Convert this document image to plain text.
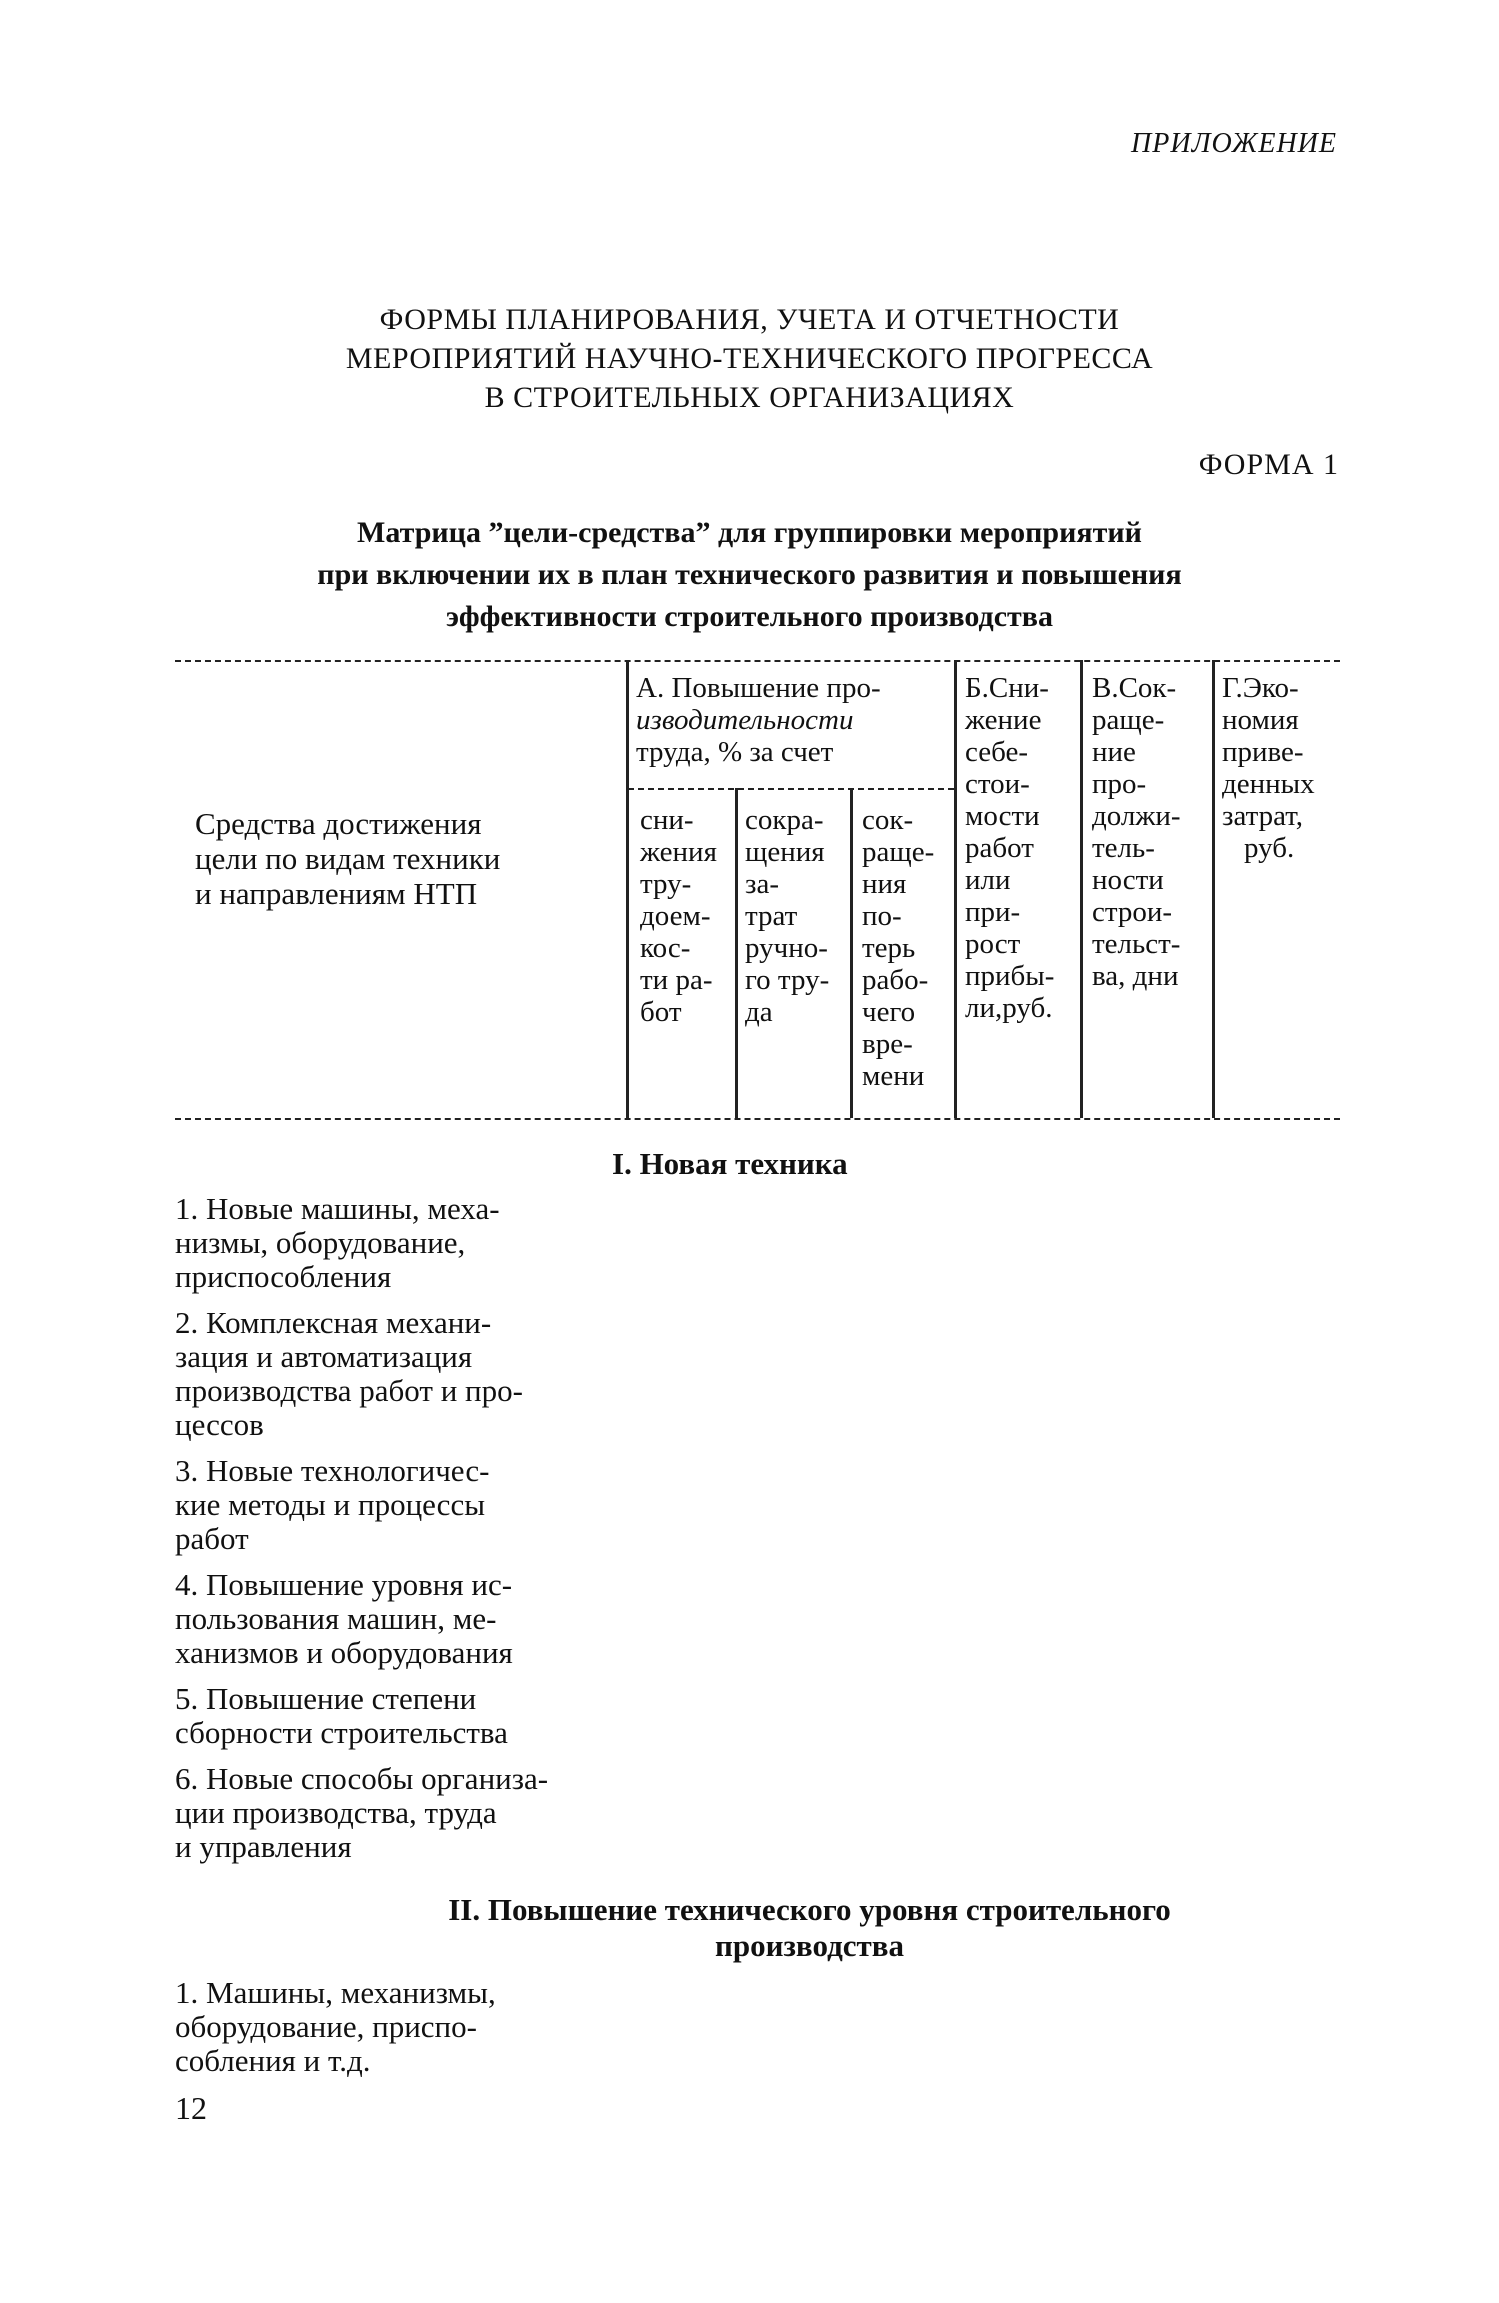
ПРИЛОЖЕНИЕ
ФОРМЫ ПЛАНИРОВАНИЯ, УЧЕТА И ОТЧЕТНОСТИ
МЕРОПРИЯТИЙ НАУЧНО-ТЕХНИЧЕСКОГО ПРОГРЕССА
В СТРОИТЕЛЬНЫХ ОРГАНИЗАЦИЯХ
ФОРМА 1
Матрица ”цели-средства” для группировки мероприятий
при включении их в план технического развития и повышения
эффективности строительного производства
Средства достижения
цели по видам техники
и направлениям НТП
А. Повышение про-
изводительности
труда, % за счет
сни-
жения
тру-
доем-
кос-
ти ра-
бот
сокра-
щения
за-
трат
ручно-
го тру-
да
сок-
раще-
ния
по-
терь
рабо-
чего
вре-
мени
Б.Сни-
жение
себе-
стои-
мости
работ
или
при-
рост
прибы-
ли,руб.
В.Сок-
раще-
ние
про-
должи-
тель-
ности
строи-
тельст-
ва, дни
Г.Эко-
номия
приве-
денных
затрат,
руб.
I. Новая техника
1. Новые машины, меха-
низмы, оборудование,
приспособления
2. Комплексная механи-
зация и автоматизация
производства работ и про-
цессов
3. Новые технологичес-
кие методы и процессы
работ
4. Повышение уровня ис-
пользования машин, ме-
ханизмов и оборудования
5. Повышение степени
сборности строительства
6. Новые способы организа-
ции производства, труда
и управления
II. Повышение технического уровня строительного
производства
1. Машины, механизмы,
оборудование, приспо-
собления и т.д.
12
